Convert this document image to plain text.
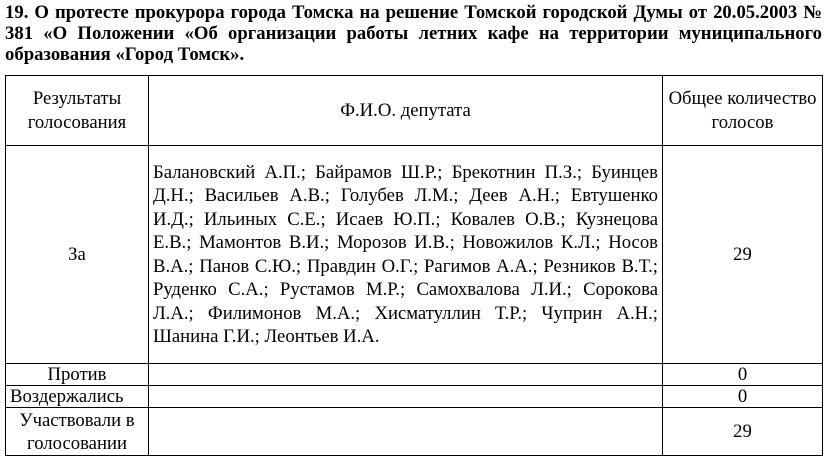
19. О протесте прокурора города Томска на решение Томской городской Думы от 20.05.2003 № 381 «О Положении «Об организации работы летних кафе на территории муниципального образования «Город Томск».

Результаты голосования	Ф.И.О. депутата	Общее количество голосов
За	Балановский А.П.; Байрамов Ш.Р.; Брекотнин П.З.; Буинцев Д.Н.; Васильев А.В.; Голубев Л.М.; Деев А.Н.; Евтушенко И.Д.; Ильиных С.Е.; Исаев Ю.П.; Ковалев О.В.; Кузнецова Е.В.; Мамонтов В.И.; Морозов И.В.; Новожилов К.Л.; Носов В.А.; Панов С.Ю.; Правдин О.Г.; Рагимов А.А.; Резников В.Т.; Руденко С.А.; Рустамов М.Р.; Самохвалова Л.И.; Сорокова Л.А.; Филимонов М.А.; Хисматуллин Т.Р.; Чуприн А.Н.; Шанина Г.И.; Леонтьев И.А.	29
Против		0
Воздержались		0
Участвовали в голосовании		29
